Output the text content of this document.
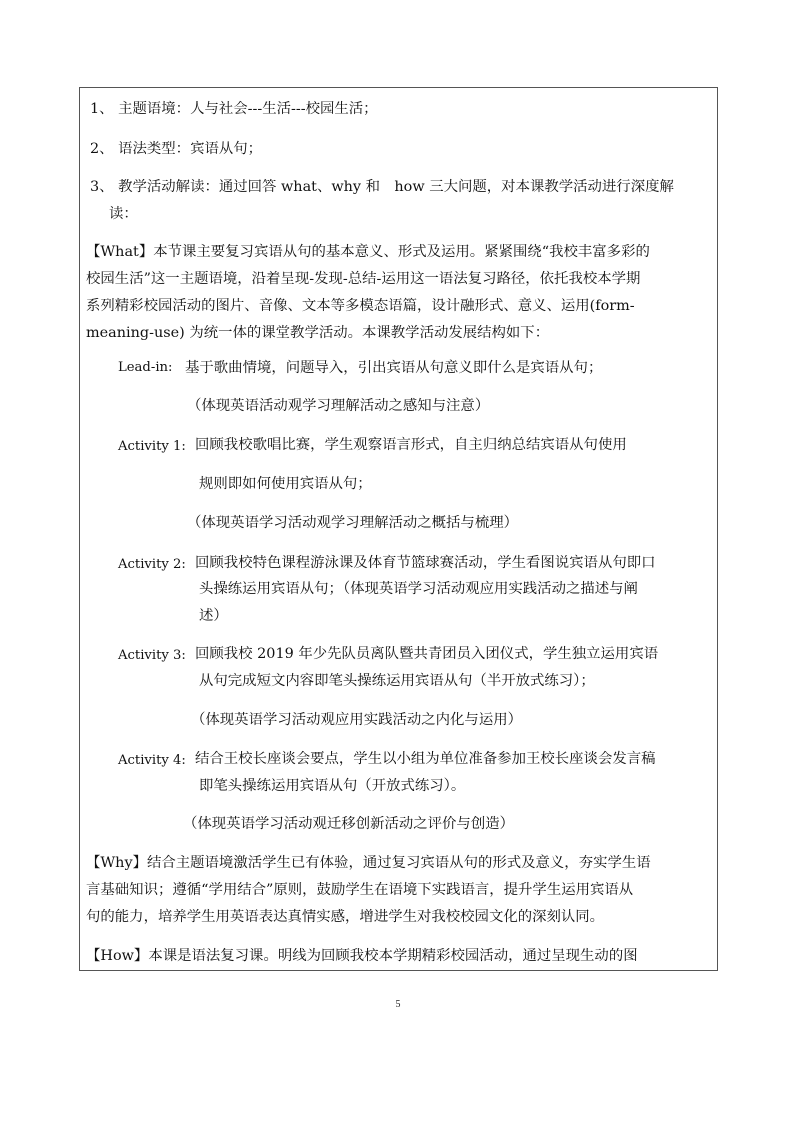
1、 主题语境：人与社会---生活---校园生活；
2、 语法类型：宾语从句；
3、 教学活动解读：通过回答 what、why 和　how 三大问题，对本课教学活动进行深度解
读：
【What】本节课主要复习宾语从句的基本意义、形式及运用。紧紧围绕“我校丰富多彩的
校园生活”这一主题语境，沿着呈现-发现-总结-运用这一语法复习路径，依托我校本学期
系列精彩校园活动的图片、音像、文本等多模态语篇，设计融形式、意义、运用(form-
meaning-use) 为统一体的课堂教学活动。本课教学活动发展结构如下：
Lead-in: 基于歌曲情境，问题导入，引出宾语从句意义即什么是宾语从句；
（体现英语活动观学习理解活动之感知与注意）
Activity 1: 回顾我校歌唱比赛，学生观察语言形式，自主归纳总结宾语从句使用
规则即如何使用宾语从句；
（体现英语学习活动观学习理解活动之概括与梳理）
Activity 2: 回顾我校特色课程游泳课及体育节篮球赛活动，学生看图说宾语从句即口
头操练运用宾语从句；（体现英语学习活动观应用实践活动之描述与阐
述）
Activity 3: 回顾我校 2019 年少先队员离队暨共青团员入团仪式，学生独立运用宾语
从句完成短文内容即笔头操练运用宾语从句（半开放式练习）；
（体现英语学习活动观应用实践活动之内化与运用）
Activity 4: 结合王校长座谈会要点，学生以小组为单位准备参加王校长座谈会发言稿
即笔头操练运用宾语从句（开放式练习）。
（体现英语学习活动观迁移创新活动之评价与创造）
【Why】结合主题语境激活学生已有体验，通过复习宾语从句的形式及意义，夯实学生语
言基础知识；遵循“学用结合”原则，鼓励学生在语境下实践语言，提升学生运用宾语从
句的能力，培养学生用英语表达真情实感，增进学生对我校校园文化的深刻认同。
【How】本课是语法复习课。明线为回顾我校本学期精彩校园活动，通过呈现生动的图
5
